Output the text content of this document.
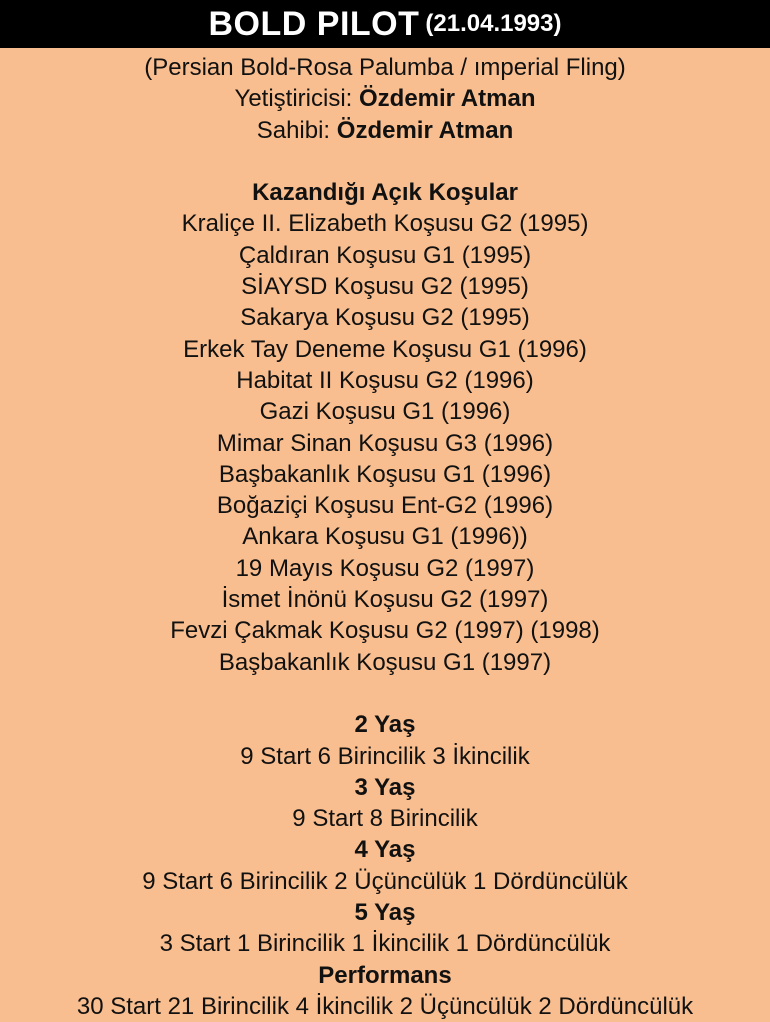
BOLD PILOT (21.04.1993)
(Persian Bold-Rosa Palumba / ımperial Fling)
Yetiştiricisi: Özdemir Atman
Sahibi: Özdemir Atman
Kazandığı Açık Koşular
Kraliçe II. Elizabeth Koşusu G2 (1995)
Çaldıran Koşusu G1 (1995)
SİAYSD Koşusu G2 (1995)
Sakarya Koşusu G2 (1995)
Erkek Tay Deneme Koşusu G1 (1996)
Habitat II Koşusu G2 (1996)
Gazi Koşusu G1 (1996)
Mimar Sinan Koşusu G3 (1996)
Başbakanlık Koşusu G1 (1996)
Boğaziçi Koşusu Ent-G2 (1996)
Ankara Koşusu G1 (1996))
19 Mayıs Koşusu G2 (1997)
İsmet İnönü Koşusu G2 (1997)
Fevzi Çakmak Koşusu G2 (1997) (1998)
Başbakanlık Koşusu G1 (1997)
2 Yaş
9 Start 6 Birincilik 3 İkincilik
3 Yaş
9 Start 8 Birincilik
4 Yaş
9 Start 6 Birincilik 2 Üçüncülük 1 Dördüncülük
5 Yaş
3 Start 1 Birincilik 1 İkincilik 1 Dördüncülük
Performans
30 Start 21 Birincilik 4 İkincilik 2 Üçüncülük 2 Dördüncülük
